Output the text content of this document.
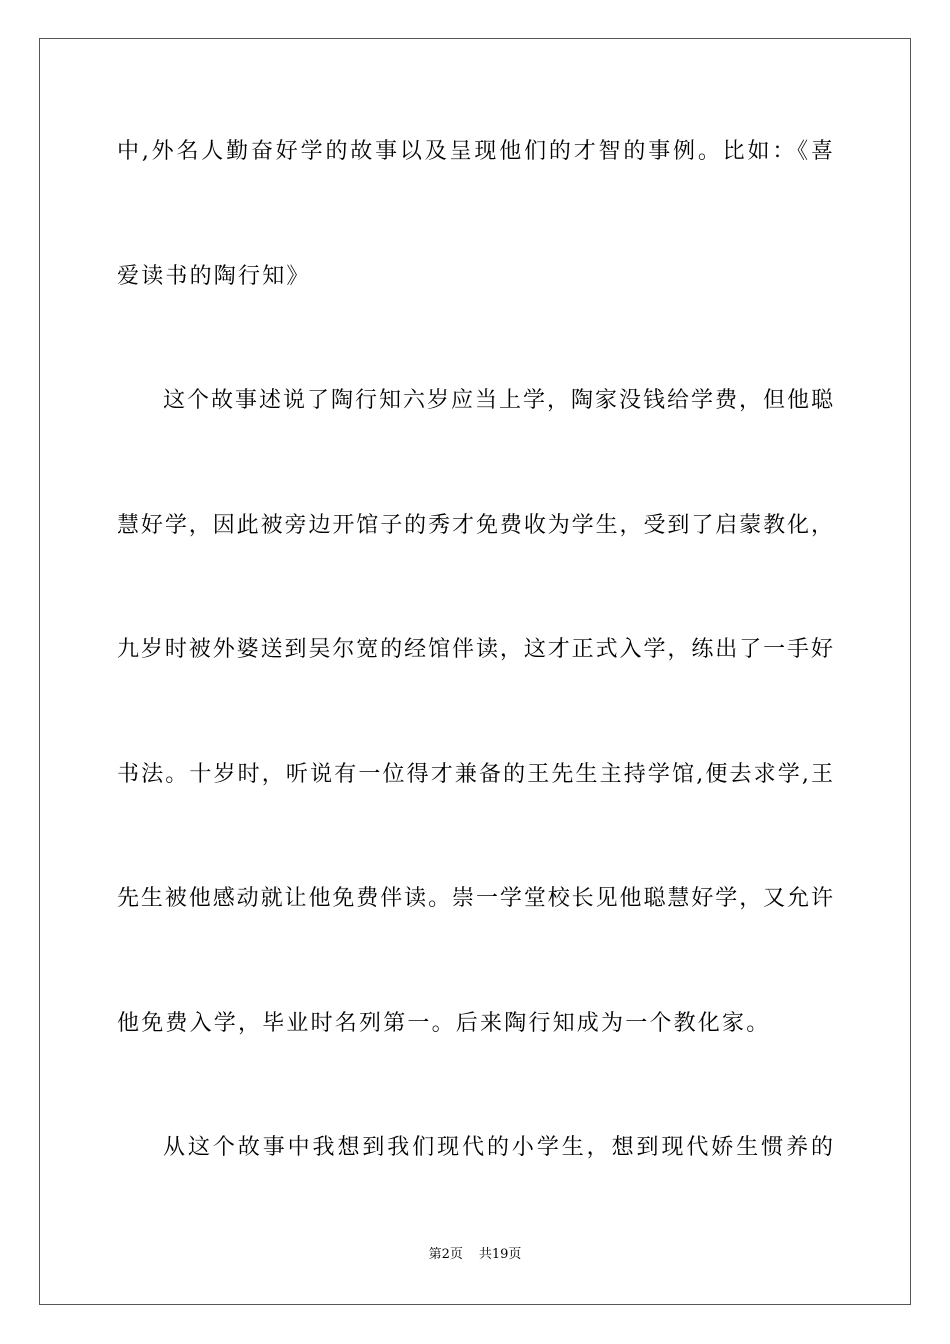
中,外名人勤奋好学的故事以及呈现他们的才智的事例。比如：《喜
爱读书的陶行知》
这个故事述说了陶行知六岁应当上学，陶家没钱给学费，但他聪
慧好学，因此被旁边开馆子的秀才免费收为学生，受到了启蒙教化，
九岁时被外婆送到吴尔宽的经馆伴读，这才正式入学，练出了一手好
书法。十岁时，听说有一位得才兼备的王先生主持学馆,便去求学,王
先生被他感动就让他免费伴读。崇一学堂校长见他聪慧好学，又允许
他免费入学，毕业时名列第一。后来陶行知成为一个教化家。
从这个故事中我想到我们现代的小学生，想到现代娇生惯养的
第2页 共19页
